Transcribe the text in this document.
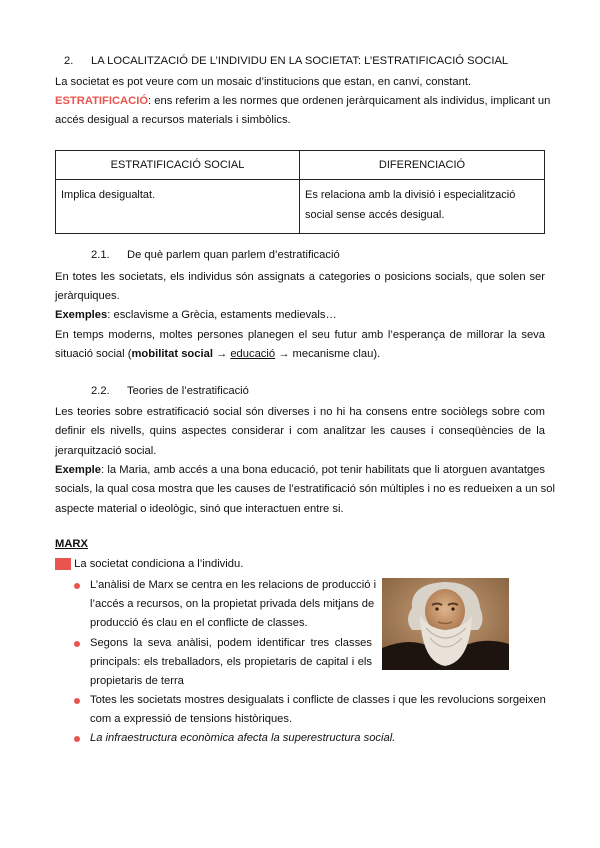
2. LA LOCALITZACIÓ DE L’INDIVIDU EN LA SOCIETAT: L’ESTRATIFICACIÓ SOCIAL
La societat es pot veure com un mosaic d’institucions que estan, en canvi, constant.
ESTRATIFICACIÓ: ens referim a les normes que ordenen jeràrquicament als individus, implicant un
accés desigual a recursos materials i simbòlics.
ESTRATIFICACIÓ SOCIAL	DIFERENCIACIÓ
Implica desigualtat.	Es relaciona amb la divisió i especialització
social sense accés desigual.
2.1. De què parlem quan parlem d’estratificació
En totes les societats, els individus són assignats a categories o posicions socials, que solen ser
jeràrquiques.
Exemples: esclavisme a Grècia, estaments medievals…
En temps moderns, moltes persones planegen el seu futur amb l’esperança de millorar la seva
situació social (mobilitat social → educació → mecanisme clau).
2.2. Teories de l’estratificació
Les teories sobre estratificació social són diverses i no hi ha consens entre sociòlegs sobre com
definir els nivells, quins aspectes considerar i com analitzar les causes i conseqüències de la
jerarquització social.
Exemple: la Maria, amb accés a una bona educació, pot tenir habilitats que li atorguen avantatges
socials, la qual cosa mostra que les causes de l’estratificació són múltiples i no es redueixen a un sol
aspecte material o ideològic, sinó que interactuen entre si.
MARX
⟶ La societat condiciona a l’individu.
L’anàlisi de Marx se centra en les relacions de producció i
l’accés a recursos, on la propietat privada dels mitjans de
producció és clau en el conflicte de classes.
Segons la seva anàlisi, podem identificar tres classes
principals: els treballadors, els propietaris de capital i els
propietaris de terra
Totes les societats mostres desigualats i conflicte de classes i que les revolucions sorgeixen
com a expressió de tensions històriques.
La infraestructura econòmica afecta la superestructura social.
